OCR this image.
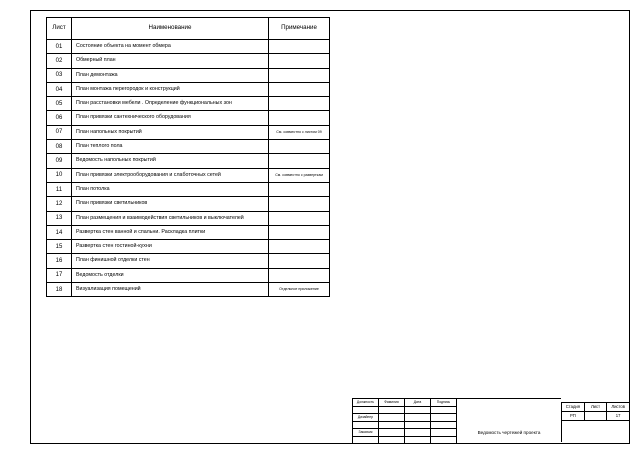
Лист	Наименование	Примечание
01	Состояние объекта на момент обмера	
02	Обмерный план	
03	План демонтажа	
04	План монтажа перегородок и конструкций	
05	План расстановки мебели . Определение функциональных зон	
06	План привязки сантехнического оборудования	
07	План напольных покрытий	См. совместно с листом 09
08	План теплого пола	
09	Ведомость напольных покрытий	
10	План привязки электрооборудования и слаботочных сетей	См. совместно с разверткам
11	План потолка	
12	План привязки светильников	
13	План размещения и взаимодействия светильников и выключателей	
14	Развертка стен ванной и спальни. Раскладка плитки	
15	Развертка стен гостиной-кухни	
16	План финишной отделки стен	
17	Ведомость отделки	
18	Визуализация помещений	Отдельное приложение
Должность	Фамилия	Дата	Подпись

Дизайнер			

Заказчик			
				Ведомость чертежей проекта

Стадия	Лист	Листов
РП		17
